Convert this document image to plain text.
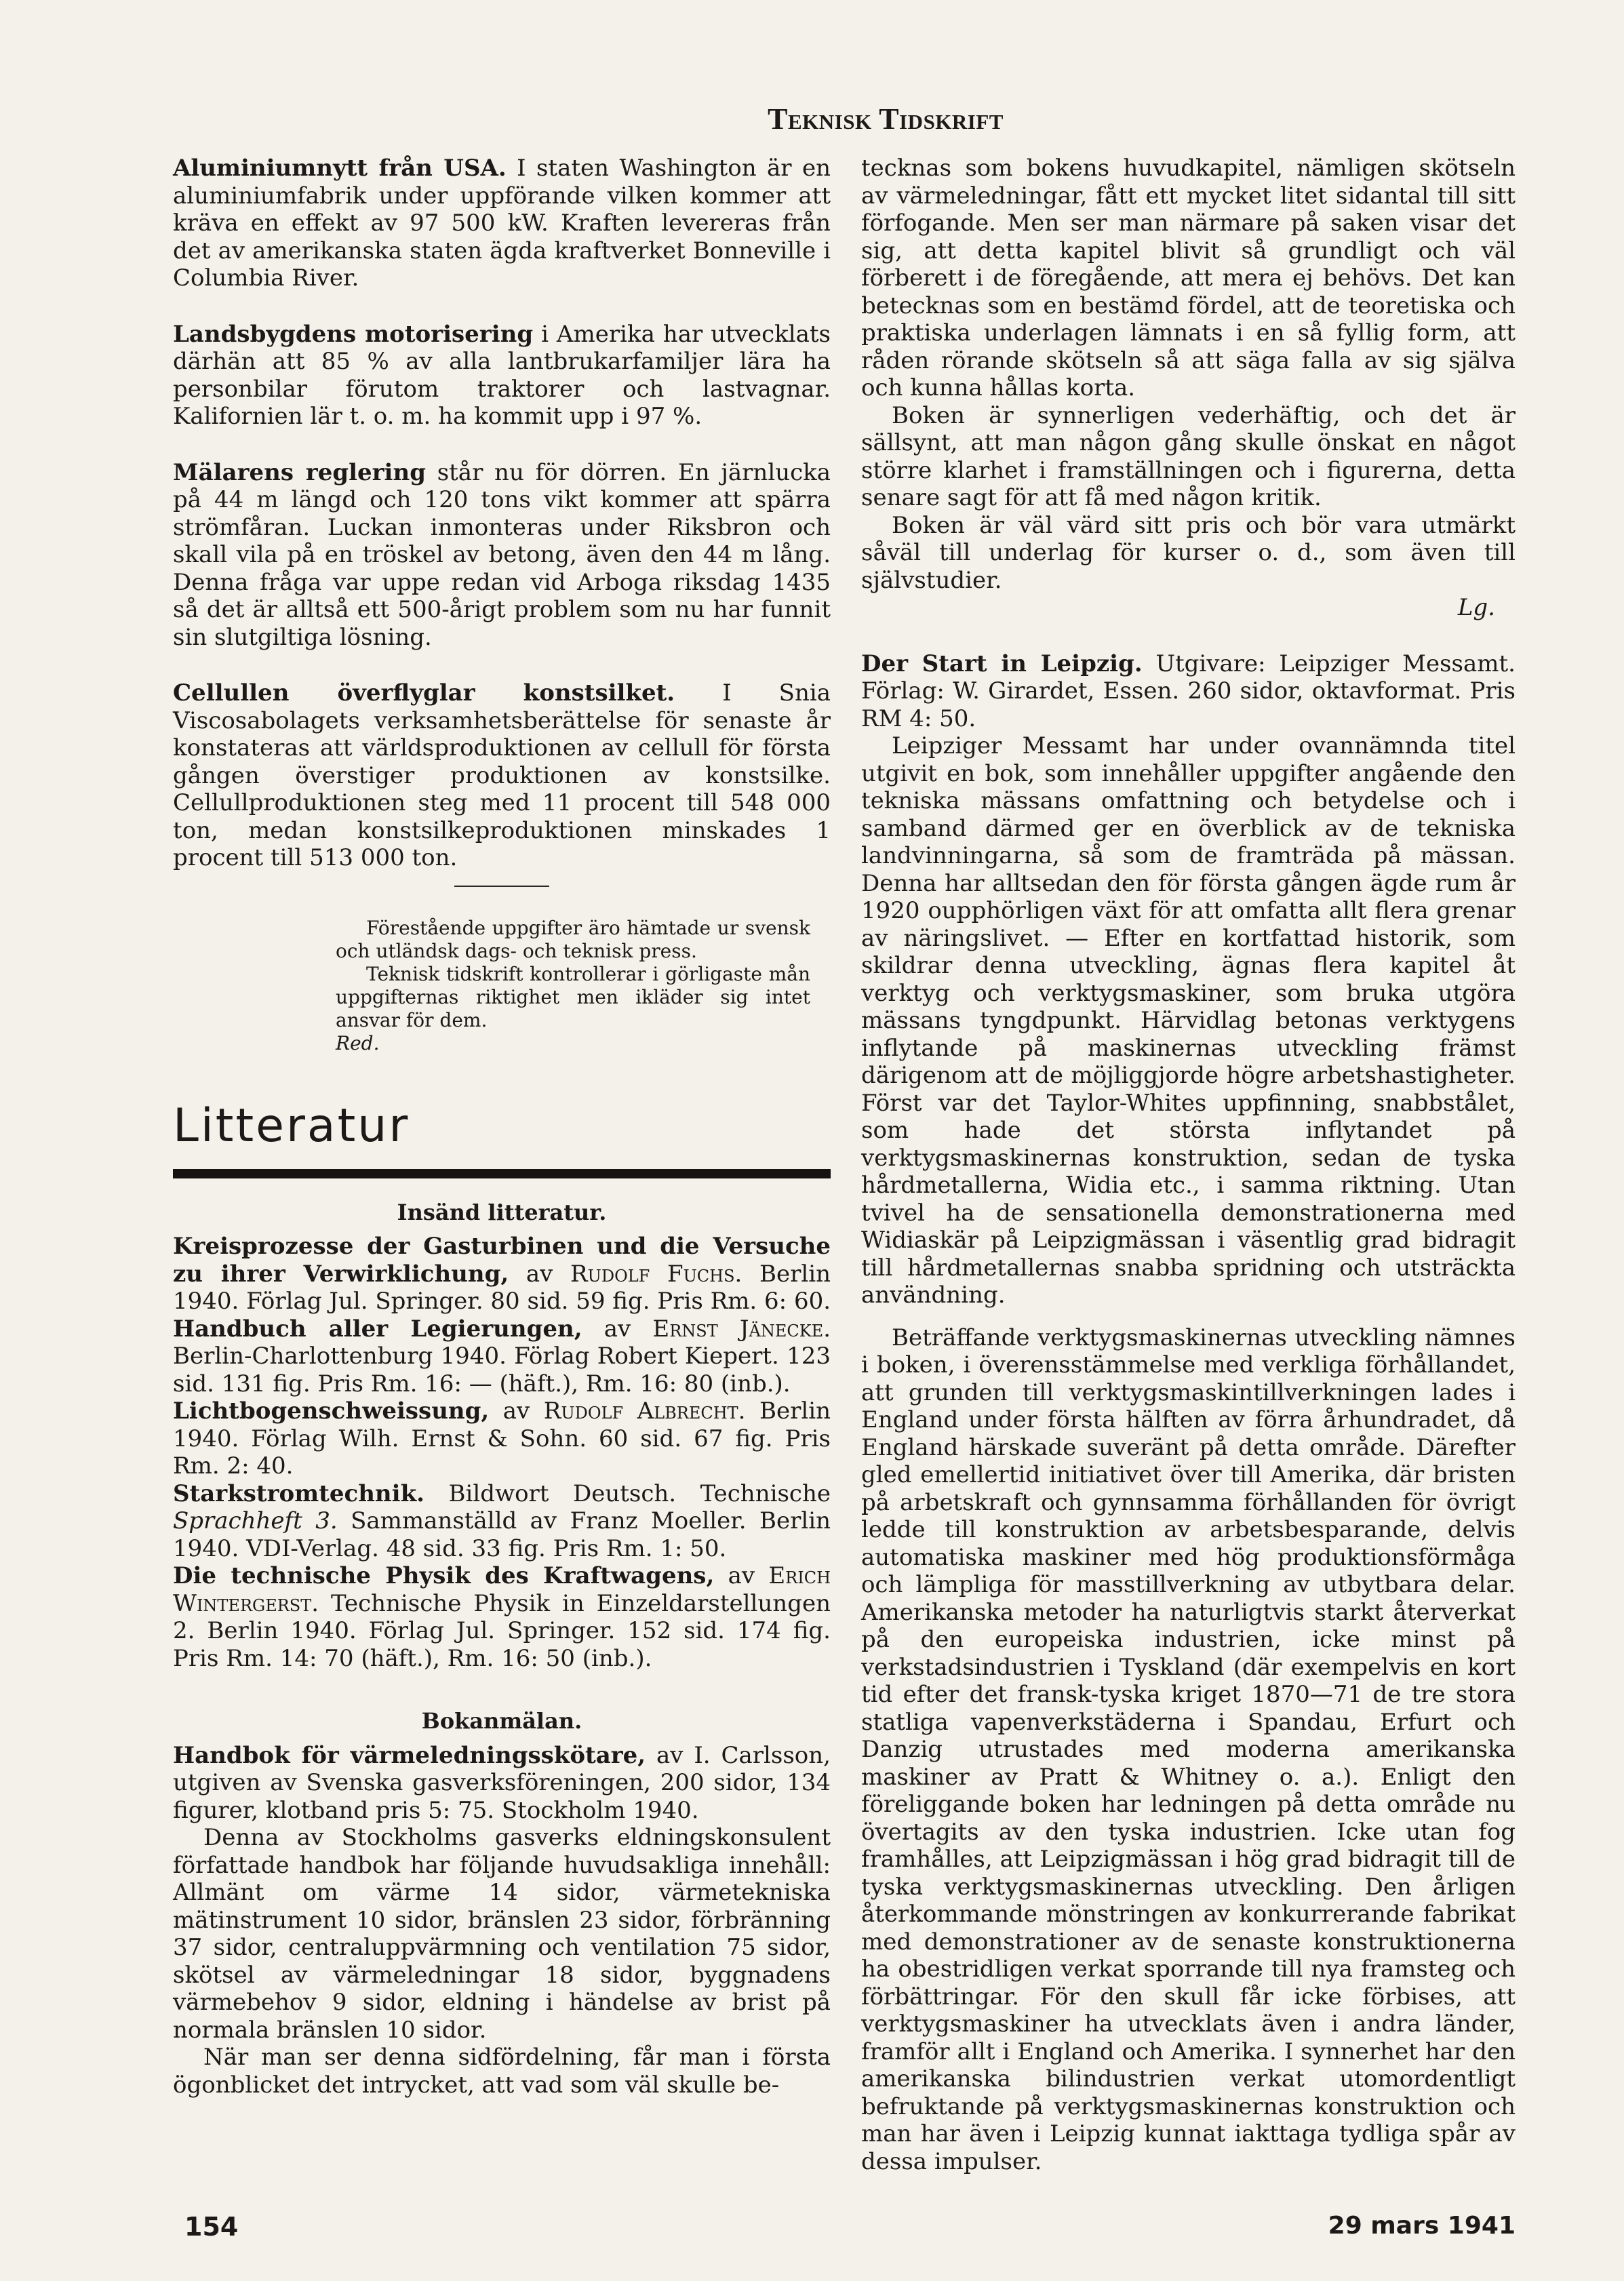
Teknisk Tidskrift

Aluminiumnytt från USA. I staten Washington är en aluminiumfabrik under uppförande vilken kommer att kräva en effekt av 97 500 kW. Kraften levereras från det av amerikanska staten ägda kraftverket Bonneville i Columbia River.

Landsbygdens motorisering i Amerika har utvecklats därhän att 85 % av alla lantbrukarfamiljer lära ha personbilar förutom traktorer och lastvagnar. Kalifornien lär t. o. m. ha kommit upp i 97 %.

Mälarens reglering står nu för dörren. En järnlucka på 44 m längd och 120 tons vikt kommer att spärra strömfåran. Luckan inmonteras under Riksbron och skall vila på en tröskel av betong, även den 44 m lång. Denna fråga var uppe redan vid Arboga riksdag 1435 så det är alltså ett 500-årigt problem som nu har funnit sin slutgiltiga lösning.

Cellullen överflyglar konstsilket. I Snia Viscosabolagets verksamhetsberättelse för senaste år konstateras att världsproduktionen av cellull för första gången överstiger produktionen av konstsilke. Cellullproduktionen steg med 11 procent till 548 000 ton, medan konstsilkeproduktionen minskades 1 procent till 513 000 ton.

Förestående uppgifter äro hämtade ur svensk och utländsk dags- och teknisk press.

Teknisk tidskrift kontrollerar i görligaste mån uppgifternas riktighet men ikläder sig intet ansvar för dem.

Red.

Litteratur
Insänd litteratur.

Kreisprozesse der Gasturbinen und die Versuche zu ihrer Verwirklichung, av Rudolf Fuchs. Berlin 1940. Förlag Jul. Springer. 80 sid. 59 fig. Pris Rm. 6: 60.

Handbuch aller Legierungen, av Ernst Jänecke. Berlin-Charlottenburg 1940. Förlag Robert Kiepert. 123 sid. 131 fig. Pris Rm. 16: — (häft.), Rm. 16: 80 (inb.).

Lichtbogenschweissung, av Rudolf Albrecht. Berlin 1940. Förlag Wilh. Ernst & Sohn. 60 sid. 67 fig. Pris Rm. 2: 40.

Starkstromtechnik. Bildwort Deutsch. Technische Sprachheft 3. Sammanställd av Franz Moeller. Berlin 1940. VDI-Verlag. 48 sid. 33 fig. Pris Rm. 1: 50.

Die technische Physik des Kraftwagens, av Erich Wintergerst. Technische Physik in Einzeldarstellungen 2. Berlin 1940. Förlag Jul. Springer. 152 sid. 174 fig. Pris Rm. 14: 70 (häft.), Rm. 16: 50 (inb.).

Bokanmälan.

Handbok för värmeledningsskötare, av I. Carlsson, utgiven av Svenska gasverksföreningen, 200 sidor, 134 figurer, klotband pris 5: 75. Stockholm 1940.

Denna av Stockholms gasverks eldningskonsulent författade handbok har följande huvudsakliga innehåll: Allmänt om värme 14 sidor, värmetekniska mätinstrument 10 sidor, bränslen 23 sidor, förbränning 37 sidor, centraluppvärmning och ventilation 75 sidor, skötsel av värmeledningar 18 sidor, byggnadens värmebehov 9 sidor, eldning i händelse av brist på normala bränslen 10 sidor.

När man ser denna sidfördelning, får man i första ögonblicket det intrycket, att vad som väl skulle be-

tecknas som bokens huvudkapitel, nämligen skötseln av värmeledningar, fått ett mycket litet sidantal till sitt förfogande. Men ser man närmare på saken visar det sig, att detta kapitel blivit så grundligt och väl förberett i de föregående, att mera ej behövs. Det kan betecknas som en bestämd fördel, att de teoretiska och praktiska underlagen lämnats i en så fyllig form, att råden rörande skötseln så att säga falla av sig själva och kunna hållas korta.

Boken är synnerligen vederhäftig, och det är sällsynt, att man någon gång skulle önskat en något större klarhet i framställningen och i figurerna, detta senare sagt för att få med någon kritik.

Boken är väl värd sitt pris och bör vara utmärkt såväl till underlag för kurser o. d., som även till självstudier.

Lg.

Der Start in Leipzig. Utgivare: Leipziger Messamt. Förlag: W. Girardet, Essen. 260 sidor, oktavformat. Pris RM 4: 50.

Leipziger Messamt har under ovannämnda titel utgivit en bok, som innehåller uppgifter angående den tekniska mässans omfattning och betydelse och i samband därmed ger en överblick av de tekniska landvinningarna, så som de framträda på mässan. Denna har alltsedan den för första gången ägde rum år 1920 oupphörligen växt för att omfatta allt flera grenar av näringslivet. — Efter en kortfattad historik, som skildrar denna utveckling, ägnas flera kapitel åt verktyg och verktygsmaskiner, som bruka utgöra mässans tyngdpunkt. Härvidlag betonas verktygens inflytande på maskinernas utveckling främst därigenom att de möjliggjorde högre arbetshastigheter. Först var det Taylor-Whites uppfinning, snabbstålet, som hade det största inflytandet på verktygsmaskinernas konstruktion, sedan de tyska hårdmetallerna, Widia etc., i samma riktning. Utan tvivel ha de sensationella demonstrationerna med Widiaskär på Leipzigmässan i väsentlig grad bidragit till hårdmetallernas snabba spridning och utsträckta användning.

Beträffande verktygsmaskinernas utveckling nämnes i boken, i överensstämmelse med verkliga förhållandet, att grunden till verktygsmaskintillverkningen lades i England under första hälften av förra århundradet, då England härskade suveränt på detta område. Därefter gled emellertid initiativet över till Amerika, där bristen på arbetskraft och gynnsamma förhållanden för övrigt ledde till konstruktion av arbetsbesparande, delvis automatiska maskiner med hög produktionsförmåga och lämpliga för masstillverkning av utbytbara delar. Amerikanska metoder ha naturligtvis starkt återverkat på den europeiska industrien, icke minst på verkstadsindustrien i Tyskland (där exempelvis en kort tid efter det fransk-tyska kriget 1870—71 de tre stora statliga vapenverkstäderna i Spandau, Erfurt och Danzig utrustades med moderna amerikanska maskiner av Pratt & Whitney o. a.). Enligt den föreliggande boken har ledningen på detta område nu övertagits av den tyska industrien. Icke utan fog framhålles, att Leipzigmässan i hög grad bidragit till de tyska verktygsmaskinernas utveckling. Den årligen återkommande mönstringen av konkurrerande fabrikat med demonstrationer av de senaste konstruktionerna ha obestridligen verkat sporrande till nya framsteg och förbättringar. För den skull får icke förbises, att verktygsmaskiner ha utvecklats även i andra länder, framför allt i England och Amerika. I synnerhet har den amerikanska bilindustrien verkat utomordentligt befruktande på verktygsmaskinernas konstruktion och man har även i Leipzig kunnat iakttaga tydliga spår av dessa impulser.

154	29 mars 1941
